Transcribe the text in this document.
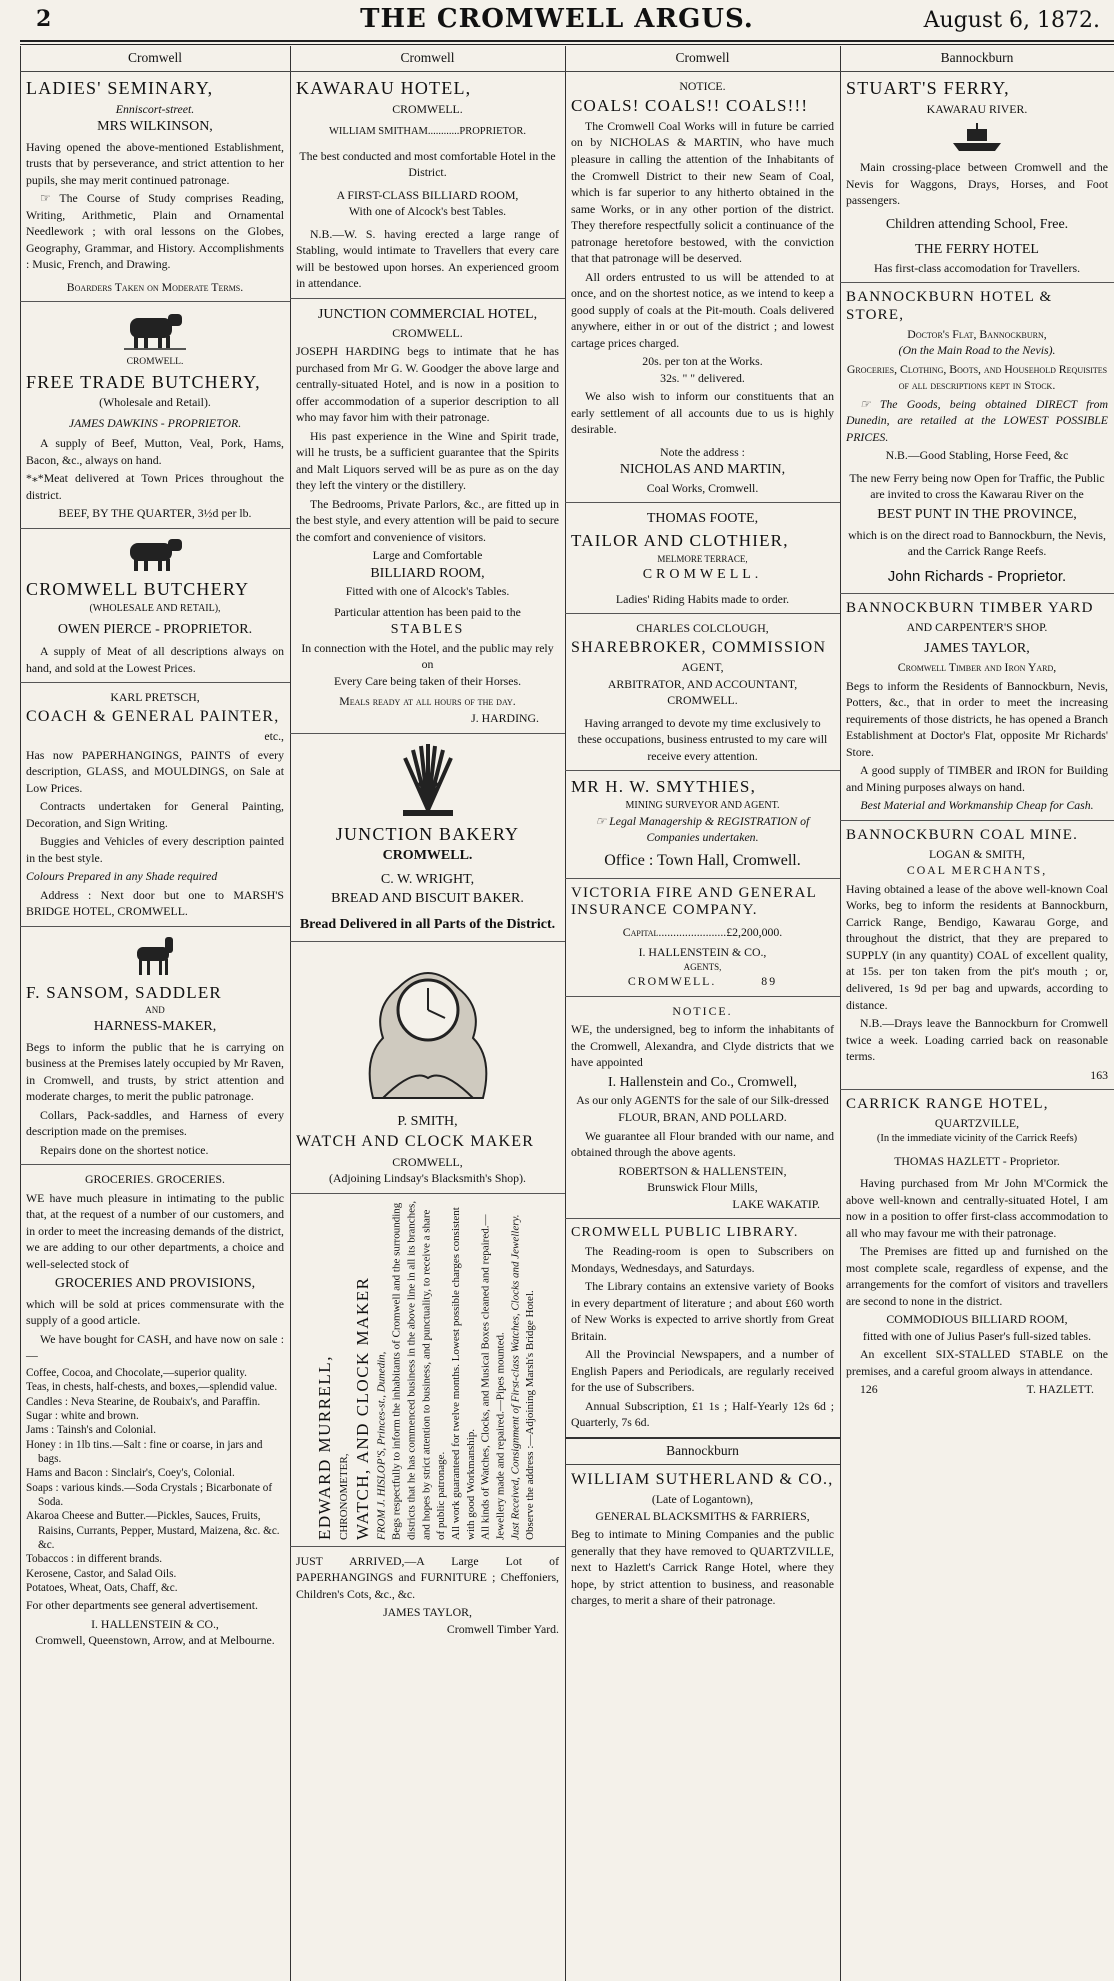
2	THE CROMWELL ARGUS.	August 6, 1872.
Cromwell
LADIES' SEMINARY,
Enniscort-street.
MRS WILKINSON,

Having opened the above-mentioned Establishment, trusts that by perseverance, and strict attention to her pupils, she may merit continued patronage.

☞ The Course of Study comprises Reading, Writing, Arithmetic, Plain and Ornamental Needlework ; with oral lessons on the Globes, Geography, Grammar, and History. Accomplishments : Music, French, and Drawing.

Boarders Taken on Moderate Terms.
CROMWELL.
FREE TRADE BUTCHERY,
(Wholesale and Retail).
JAMES DAWKINS - PROPRIETOR.

A supply of Beef, Mutton, Veal, Pork, Hams, Bacon, &c., always on hand.

*⁎*Meat delivered at Town Prices throughout the district.

BEEF, BY THE QUARTER, 3½d per lb.
CROMWELL BUTCHERY
(WHOLESALE AND RETAIL),
OWEN PIERCE - PROPRIETOR.

A supply of Meat of all descriptions always on hand, and sold at the Lowest Prices.

KARL PRETSCH,
COACH & GENERAL PAINTER,
etc.,

Has now PAPERHANGINGS, PAINTS of every description, GLASS, and MOULDINGS, on Sale at Low Prices.

Contracts undertaken for General Painting, Decoration, and Sign Writing.

Buggies and Vehicles of every description painted in the best style.

Colours Prepared in any Shade required

Address : Next door but one to MARSH'S BRIDGE HOTEL, CROMWELL.

F. SANSOM, SADDLER
AND
HARNESS-MAKER,

Begs to inform the public that he is carrying on business at the Premises lately occupied by Mr Raven, in Cromwell, and trusts, by strict attention and moderate charges, to merit the public patronage.

Collars, Pack-saddles, and Harness of every description made on the premises.

Repairs done on the shortest notice.

GROCERIES. GROCERIES.

WE have much pleasure in intimating to the public that, at the request of a number of our customers, and in order to meet the increasing demands of the district, we are adding to our other departments, a choice and well-selected stock of

GROCERIES AND PROVISIONS,

which will be sold at prices commensurate with the supply of a good article.

We have bought for CASH, and have now on sale :—

Coffee, Cocoa, and Chocolate,—superior quality.
Teas, in chests, half-chests, and boxes,—splendid value.
Candles : Neva Stearine, de Roubaix's, and Paraffin.
Sugar : white and brown.
Jams : Tainsh's and Colonial.
Honey : in 1lb tins.—Salt : fine or coarse, in jars and bags.
Hams and Bacon : Sinclair's, Coey's, Colonial.
Soaps : various kinds.—Soda Crystals ; Bicarbonate of Soda.
Akaroa Cheese and Butter.—Pickles, Sauces, Fruits, Raisins, Currants, Pepper, Mustard, Maizena, &c. &c. &c.
Tobaccos : in different brands.
Kerosene, Castor, and Salad Oils.
Potatoes, Wheat, Oats, Chaff, &c.

For other departments see general advertisement.

I. HALLENSTEIN & CO.,
Cromwell, Queenstown, Arrow, and at Melbourne.
Cromwell
KAWARAU HOTEL,
CROMWELL.
WILLIAM SMITHAM............PROPRIETOR.
The best conducted and most comfortable Hotel in the District.
A FIRST-CLASS BILLIARD ROOM,
With one of Alcock's best Tables.

N.B.—W. S. having erected a large range of Stabling, would intimate to Travellers that every care will be bestowed upon horses. An experienced groom in attendance.

JUNCTION COMMERCIAL HOTEL,
CROMWELL.

JOSEPH HARDING begs to intimate that he has purchased from Mr G. W. Goodger the above large and centrally-situated Hotel, and is now in a position to offer accommodation of a superior description to all who may favor him with their patronage.

His past experience in the Wine and Spirit trade, will he trusts, be a sufficient guarantee that the Spirits and Malt Liquors served will be as pure as on the day they left the vintery or the distillery.

The Bedrooms, Private Parlors, &c., are fitted up in the best style, and every attention will be paid to secure the comfort and convenience of visitors.

Large and Comfortable
BILLIARD ROOM,
Fitted with one of Alcock's Tables.
Particular attention has been paid to the
STABLES
In connection with the Hotel, and the public may rely on
Every Care being taken of their Horses.
Meals ready at all hours of the day.
J. HARDING.
JUNCTION BAKERY
CROMWELL.
C. W. WRIGHT,
BREAD AND BISCUIT BAKER.
Bread Delivered in all Parts of the District.
P. SMITH,
WATCH AND CLOCK MAKER
CROMWELL,
(Adjoining Lindsay's Blacksmith's Shop).
EDWARD MURRELL, CHRONOMETER, WATCH, AND CLOCK MAKER FROM J. HISLOP'S, Princes-st., Dunedin, Begs respectfully to inform the inhabitants of Cromwell and the surrounding districts that he has commenced business in the above line in all its branches, and hopes by strict attention to business, and punctuality, to receive a share of public patronage. All work guaranteed for twelve months. Lowest possible charges consistent with good Workmanship. All kinds of Watches, Clocks, and Musical Boxes cleaned and repaired.—Jewellery made and repaired.—Pipes mounted. Just Received, Consignment of First-class Watches, Clocks and Jewellery. Observe the address :—Adjoining Marsh's Bridge Hotel.

JUST ARRIVED,—A Large Lot of PAPERHANGINGS and FURNITURE ; Cheffoniers, Children's Cots, &c., &c.

JAMES TAYLOR,
Cromwell Timber Yard.
Cromwell
NOTICE.
COALS! COALS!! COALS!!!

The Cromwell Coal Works will in future be carried on by NICHOLAS & MARTIN, who have much pleasure in calling the attention of the Inhabitants of the Cromwell District to their new Seam of Coal, which is far superior to any hitherto obtained in the same Works, or in any other portion of the district. They therefore respectfully solicit a continuance of the patronage heretofore bestowed, with the conviction that that patronage will be deserved.

All orders entrusted to us will be attended to at once, and on the shortest notice, as we intend to keep a good supply of coals at the Pit-mouth. Coals delivered anywhere, either in or out of the district ; and lowest cartage prices charged.

20s. per ton at the Works.
32s. " " delivered.

We also wish to inform our constituents that an early settlement of all accounts due to us is highly desirable.

Note the address :
NICHOLAS AND MARTIN,
Coal Works, Cromwell.
THOMAS FOOTE,
TAILOR AND CLOTHIER,
MELMORE TERRACE,
CROMWELL.
Ladies' Riding Habits made to order.
CHARLES COLCLOUGH,
SHAREBROKER, COMMISSION
AGENT,
ARBITRATOR, AND ACCOUNTANT,
CROMWELL.

Having arranged to devote my time exclusively to these occupations, business entrusted to my care will receive every attention.

MR H. W. SMYTHIES,
MINING SURVEYOR AND AGENT.
☞ Legal Managership & REGISTRATION of Companies undertaken.
Office : Town Hall, Cromwell.
VICTORIA FIRE AND GENERAL INSURANCE COMPANY.
Capital.......................£2,200,000.
I. HALLENSTEIN & CO.,
AGENTS,
CROMWELL.	89
NOTICE.

WE, the undersigned, beg to inform the inhabitants of the Cromwell, Alexandra, and Clyde districts that we have appointed

I. Hallenstein and Co., Cromwell,
As our only AGENTS for the sale of our Silk-dressed
FLOUR, BRAN, AND POLLARD.

We guarantee all Flour branded with our name, and obtained through the above agents.

ROBERTSON & HALLENSTEIN,
Brunswick Flour Mills,
LAKE WAKATIP.
CROMWELL PUBLIC LIBRARY.

The Reading-room is open to Subscribers on Mondays, Wednesdays, and Saturdays.

The Library contains an extensive variety of Books in every department of literature ; and about £60 worth of New Works is expected to arrive shortly from Great Britain.

All the Provincial Newspapers, and a number of English Papers and Periodicals, are regularly received for the use of Subscribers.

Annual Subscription, £1 1s ; Half-Yearly 12s 6d ; Quarterly, 7s 6d.

Bannockburn
WILLIAM SUTHERLAND & CO.,
(Late of Logantown),
GENERAL BLACKSMITHS & FARRIERS,

Beg to intimate to Mining Companies and the public generally that they have removed to QUARTZVILLE, next to Hazlett's Carrick Range Hotel, where they hope, by strict attention to business, and reasonable charges, to merit a share of their patronage.

Bannockburn
STUART'S FERRY,
KAWARAU RIVER.

Main crossing-place between Cromwell and the Nevis for Waggons, Drays, Horses, and Foot passengers.

Children attending School, Free.
THE FERRY HOTEL
Has first-class accomodation for Travellers.
BANNOCKBURN HOTEL & STORE,
Doctor's Flat, Bannockburn,
(On the Main Road to the Nevis).

Groceries, Clothing, Boots, and Household Requisites of all descriptions kept in Stock.

☞ The Goods, being obtained DIRECT from Dunedin, are retailed at the LOWEST POSSIBLE PRICES.

N.B.—Good Stabling, Horse Feed, &c

The new Ferry being now Open for Traffic, the Public are invited to cross the Kawarau River on the

BEST PUNT IN THE PROVINCE,

which is on the direct road to Bannockburn, the Nevis, and the Carrick Range Reefs.

John Richards - Proprietor.
BANNOCKBURN TIMBER YARD
AND CARPENTER'S SHOP.
JAMES TAYLOR,
Cromwell Timber and Iron Yard,

Begs to inform the Residents of Bannockburn, Nevis, Potters, &c., that in order to meet the increasing requirements of those districts, he has opened a Branch Establishment at Doctor's Flat, opposite Mr Richards' Store.

A good supply of TIMBER and IRON for Building and Mining purposes always on hand.

Best Material and Workmanship Cheap for Cash.
BANNOCKBURN COAL MINE.
LOGAN & SMITH,
COAL MERCHANTS,

Having obtained a lease of the above well-known Coal Works, beg to inform the residents at Bannockburn, Carrick Range, Bendigo, Kawarau Gorge, and throughout the district, that they are prepared to SUPPLY (in any quantity) COAL of excellent quality, at 15s. per ton taken from the pit's mouth ; or, delivered, 1s 9d per bag and upwards, according to distance.

N.B.—Drays leave the Bannockburn for Cromwell twice a week. Loading carried back on reasonable terms.

163
CARRICK RANGE HOTEL,
QUARTZVILLE,
(In the immediate vicinity of the Carrick Reefs)
THOMAS HAZLETT - Proprietor.

Having purchased from Mr John M'Cormick the above well-known and centrally-situated Hotel, I am now in a position to offer first-class accommodation to all who may favour me with their patronage.

The Premises are fitted up and furnished on the most complete scale, regardless of expense, and the arrangements for the comfort of visitors and travellers are second to none in the district.

COMMODIOUS BILLIARD ROOM,
fitted with one of Julius Paser's full-sized tables.

An excellent SIX-STALLED STABLE on the premises, and a careful groom always in attendance.

126	T. HAZLETT.
